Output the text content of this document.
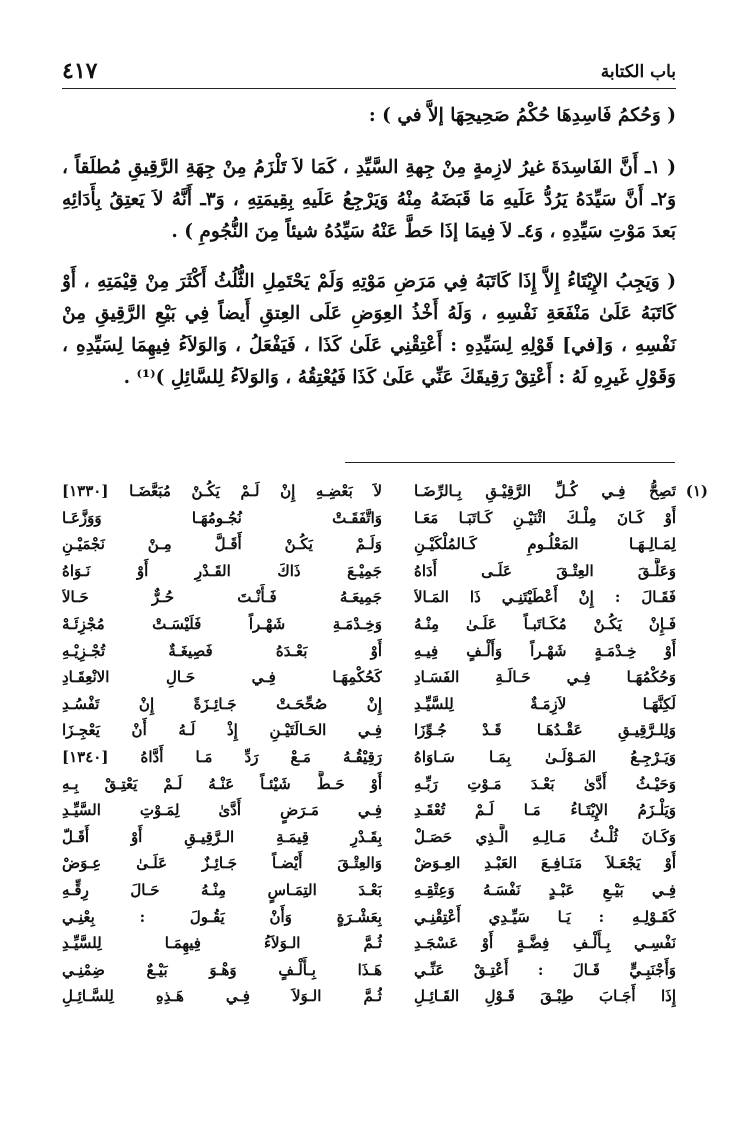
باب الكتابة
٤١٧

( وَحُكمُ فَاسِدِهَا حُكْمُ صَحِيحِهَا إلاَّ في ) :

( ١ـ أَنَّ الفَاسِدَةَ غيرُ لازِمةٍ مِنْ جِهةِ السَّيِّدِ ، كَمَا لاَ تَلْزَمُ مِنْ جِهَةِ الرَّقِيقِ مُطلَقاً ، وَ٢ـ أَنَّ سَيِّدَهُ يَرُدُّ عَلَيهِ مَا قَبَضَهُ مِنْهُ وَيَرْجِعُ عَلَيهِ بِقِيمَتِهِ ، وَ٣ـ أَنَّهُ لاَ يَعتِقُ بِأَدَائِهِ بَعدَ مَوْتِ سَيِّدِهِ ، وَ٤ـ لاَ فِيمَا إذَا حَطَّ عَنْهُ سَيِّدُهُ شيئاً مِنَ النُّجُومِ ) .

( وَيَجِبُ الإِيْتَاءُ إِلاَّ إِذَا كَاتَبَهُ فِي مَرَضِ مَوْتِهِ وَلَمْ يَحْتَمِلِ الثُّلُثُ أَكْثَرَ مِنْ قِيْمَتِهِ ، أَوْ كَاتَبَهُ عَلَىٰ مَنْفَعَةِ نَفْسِهِ ، وَلَهُ أَخْذُ العِوَضِ عَلَى العِتقِ أَيضاً فِي بَيْعِ الرَّقِيقِ مِنْ نَفْسِهِ ، وَ[في] قَوْلِهِ لِسَيِّدِهِ : أَعْتِقْنِي عَلَىٰ كَذَا ، فَيَفْعَلُ ، وَالوَلاَءُ فِيهِمَا لِسَيِّدِهِ ، وَقَوْلِ غَيرِهِ لَهُ : أَعْتِقْ رَقِيقَكَ عَنِّي عَلَىٰ كَذَا فَيُعْتِقُهُ ، وَالوَلاَءُ لِلسَّائِلِ )⁽¹⁾ .

(١)
تَصِحُّ فِـي كُـلِّ الرَّقِيْـقِ بِـالرِّضَـا
أَوْ كَـانَ مِلْـكَ اثْنَيْـنِ كَـاتَبَـا مَعَـا
لِمَـالِـهَـا المَعْلُـومِ كَـالمُلْكَيْـنِ
وَعَلَّـقَ العِتْـقَ عَلَـى أَدَاهُ
فَقَـالَ : إِنْ أَعْطَيْتَنِـي ذَا المَـالاَ
فَـإِنْ يَكُـنْ مُكَـاتَبـاً عَلَـىٰ مِنْـهُ
أَوْ خِـدْمَـةٍ شَهْـراً وَأَلْـفٍ فِيـهِ
وَحُكْمُهَـا فِـي حَـالَـةِ الفَسَـادِ
لَكِنَّهَـا لاَزِمَـةٌ لِلسَّيِّـدِ
وَلِلـرَّقِيـقِ عَقْـدُهَـا قَـدْ جُـوِّزَا
وَيَـرْجِـعُ المَـوْلَـىٰ بِمَـا سَـاوَاهُ
وَحَيْـثُ أَدَّىٰ بَعْـدَ مَـوْتِ رَبِّـهِ
وَيَلْـزَمُ الإِيْتَـاءُ مَـا لَـمْ تُعْقَـدِ
وَكَـانَ ثُلْـثُ مَـالِـهِ الَّـذِي حَصَـلْ
أَوْ يَجْعَـلاَ مَنَـافِـعَ العَبْـدِ العِـوَضْ
فِـي بَيْـعِ عَبْـدٍ نَفْسَـهُ وَعِتْقِـهِ
كَقَـوْلِـهِ : يَـا سَيِّـدِي أَعْتِقْنِـي
نَفْسِـي بِـأَلْـفِ فِضَّـةٍ أَوْ عَسْجَـدِ
وَأَجْنَبِـيٍّ قَـالَ : أَعْتِـقْ عَنِّـي
إِذَا أَجَـابَ طِبْـقَ قَـوْلِ القَـائِـلِ
لاَ بَعْضِـهِ إِنْ لَـمْ يَكُـنْ مُبَعَّضَـا [١٣٣٠]
وَاتَّفَقَـتْ نُجُـومُهَـا وَوَزَّعَـا
وَلَـمْ يَكُـنْ أَقَـلَّ مِـنْ نَجْمَيْـنِ
جَمِيْـعَ ذَاكَ القَـدْرِ أَوْ نَـوَاهُ
جَمِيعَـهُ فَـأَنْـتَ حُـرٌّ حَـالاَ
وَخِـدْمَـةِ شَهْـراً فَلَيْسَـتْ مُجْزِئَـهْ
أَوْ بَعْـدَهُ فَصِيغَـةٌ تُجْـزِيْـهِ
كَحُكْمِهَـا فِـي حَـالِ الانْعِقَـادِ
إِنْ صُحِّحَـتْ جَـائِـزَةً إِنْ تَفْسُـدِ
فِـي الحَـالَتَيْـنِ إِذْ لَـهُ أَنْ يَعْجِـزَا
رَقِيْقُـهُ مَـعْ رَدِّ مَـا أَدَّاهُ [١٣٤٠]
أَوْ حَـطَّ شَيْئـاً عَنْـهُ لَـمْ يَعْتِـقْ بِـهِ
فِـي مَـرَضٍ أَدَّىٰ لِمَـوْتِ السَّيِّـدِ
بِقَـدْرِ قِيمَـةِ الـرَّقِيـقِ أَوْ أَقَـلّ
وَالعِتْـقَ أَيْضـاً جَـائِـزٌ عَلَـىٰ عِـوَضْ
بَعْـدَ التِمَـاسٍ مِنْـهُ حَـالَ رِقِّـهِ
بِعَشْـرَةٍ وَأَنْ يَقُـولَ : بِعْنِـي
ثُـمَّ الـوَلاَءُ فِيهِمَـا لِلسَّيِّـدِ
هَـذَا بِـأَلْـفٍ وَهْـوَ بَيْـعٌ ضِمْنِـي
ثُـمَّ الـوَلاَ فِـي هَـذِهِ لِلسَّـائِـلِ
